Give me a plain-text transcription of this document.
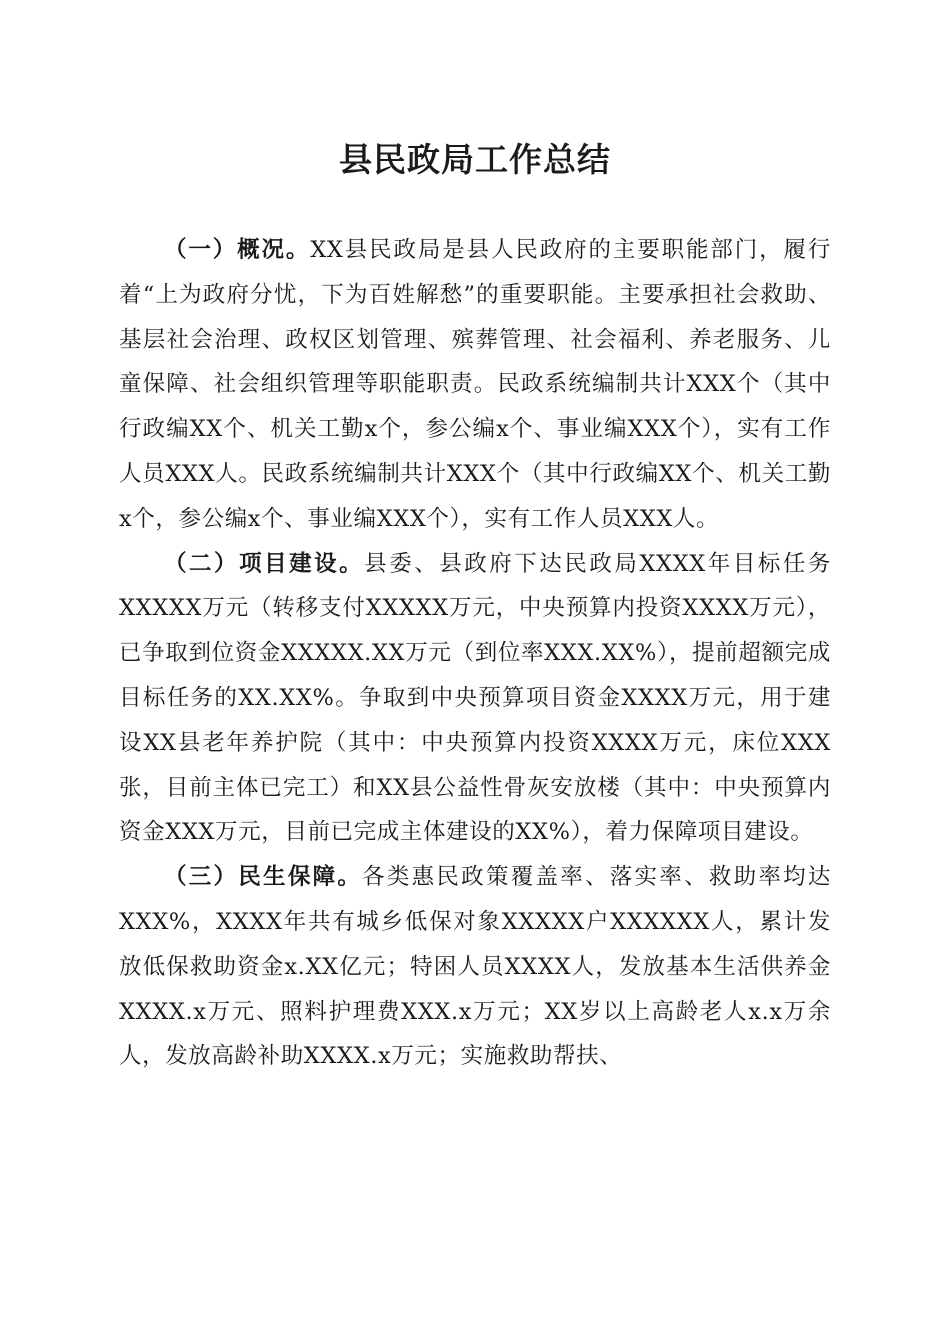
县民政局工作总结

（一）概况。XX县民政局是县人民政府的主要职能部门，履行着“上为政府分忧，下为百姓解愁”的重要职能。主要承担社会救助、基层社会治理、政权区划管理、殡葬管理、社会福利、养老服务、儿童保障、社会组织管理等职能职责。民政系统编制共计XXX个（其中行政编XX个、机关工勤x个，参公编x个、事业编XXX个），实有工作人员XXX人。民政系统编制共计XXX个（其中行政编XX个、机关工勤x个，参公编x个、事业编XXX个），实有工作人员XXX人。

（二）项目建设。县委、县政府下达民政局XXXX年目标任务XXXXX万元（转移支付XXXXX万元，中央预算内投资XXXX万元），已争取到位资金XXXXX.XX万元（到位率XXX.XX%），提前超额完成目标任务的XX.XX%。争取到中央预算项目资金XXXX万元，用于建设XX县老年养护院（其中：中央预算内投资XXXX万元，床位XXX张，目前主体已完工）和XX县公益性骨灰安放楼（其中：中央预算内资金XXX万元，目前已完成主体建设的XX%），着力保障项目建设。

（三）民生保障。各类惠民政策覆盖率、落实率、救助率均达XXX%，XXXX年共有城乡低保对象XXXXX户XXXXXX人，累计发放低保救助资金x.XX亿元；特困人员XXXX人，发放基本生活供养金XXXX.x万元、照料护理费XXX.x万元；XX岁以上高龄老人x.x万余人，发放高龄补助XXXX.x万元；实施救助帮扶、
